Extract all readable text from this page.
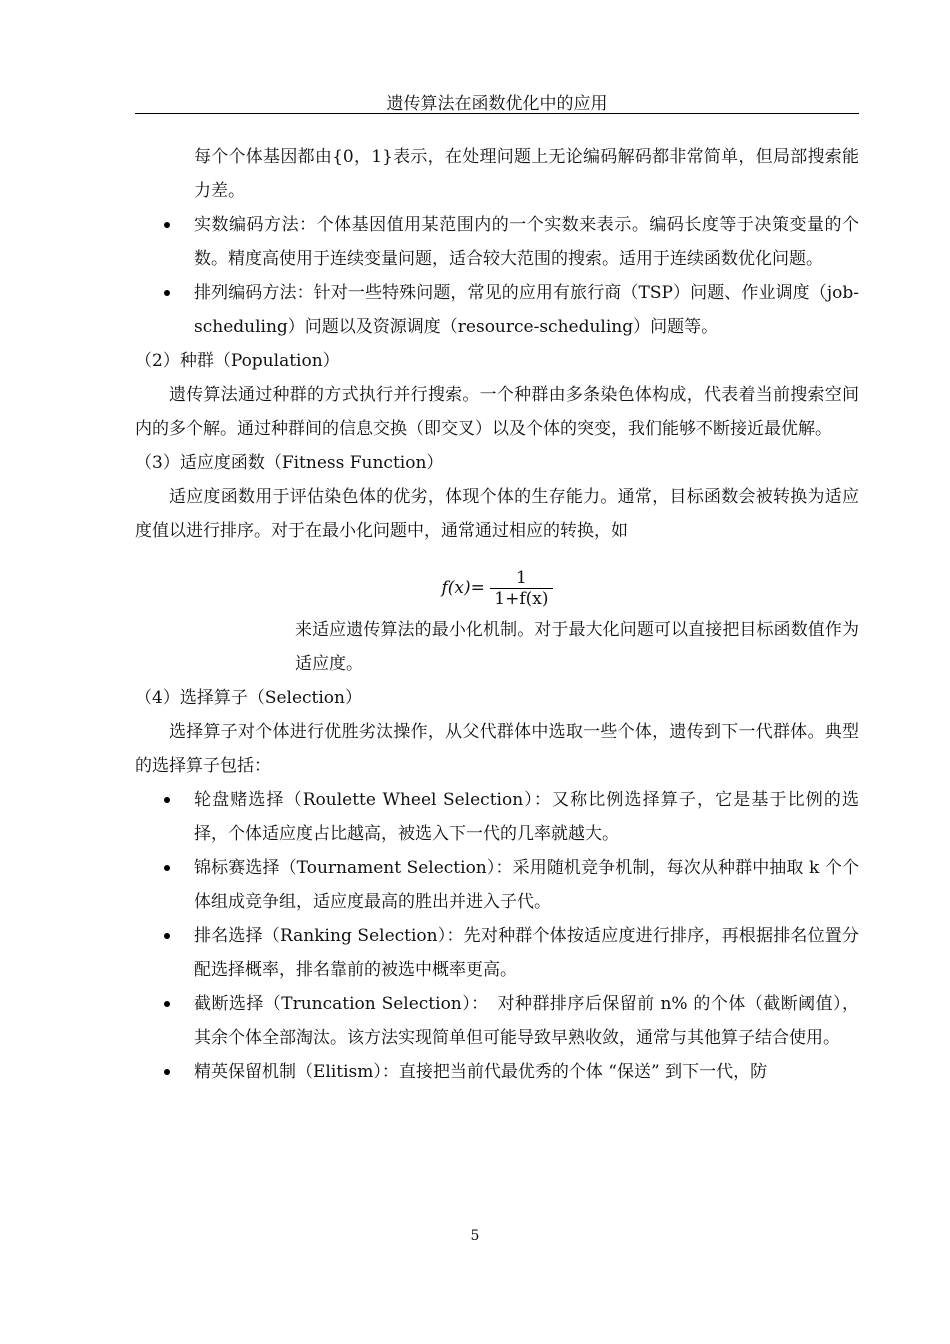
遗传算法在函数优化中的应用
每个个体基因都由{0，1}表示，在处理问题上无论编码解码都非常简单，但局部搜索能力差。
实数编码方法：个体基因值用某范围内的一个实数来表示。编码长度等于决策变量的个数。精度高使用于连续变量问题，适合较大范围的搜索。适用于连续函数优化问题。
排列编码方法：针对一些特殊问题，常见的应用有旅行商（TSP）问题、作业调度（job-scheduling）问题以及资源调度（resource-scheduling）问题等。
（2）种群（Population）
遗传算法通过种群的方式执行并行搜索。一个种群由多条染色体构成，代表着当前搜索空间内的多个解。通过种群间的信息交换（即交叉）以及个体的突变，我们能够不断接近最优解。
（3）适应度函数（Fitness Function）
适应度函数用于评估染色体的优劣，体现个体的生存能力。通常，目标函数会被转换为适应度值以进行排序。对于在最小化问题中，通常通过相应的转换，如
$f(x)= \frac{1}{1+f(x)}$
来适应遗传算法的最小化机制。对于最大化问题可以直接把目标函数值作为适应度。
（4）选择算子（Selection）
选择算子对个体进行优胜劣汰操作，从父代群体中选取一些个体，遗传到下一代群体。典型的选择算子包括：
轮盘赌选择（Roulette Wheel Selection）：又称比例选择算子，它是基于比例的选择，个体适应度占比越高，被选入下一代的几率就越大。
锦标赛选择（Tournament Selection）：采用随机竞争机制，每次从种群中抽取 k 个个体组成竞争组，适应度最高的胜出并进入子代。
排名选择（Ranking Selection）：先对种群个体按适应度进行排序，再根据排名位置分配选择概率，排名靠前的被选中概率更高。
截断选择（Truncation Selection）：　对种群排序后保留前 n% 的个体（截断阈值），其余个体全部淘汰。该方法实现简单但可能导致早熟收敛，通常与其他算子结合使用。
精英保留机制（Elitism）：直接把当前代最优秀的个体 “保送” 到下一代，防
5
